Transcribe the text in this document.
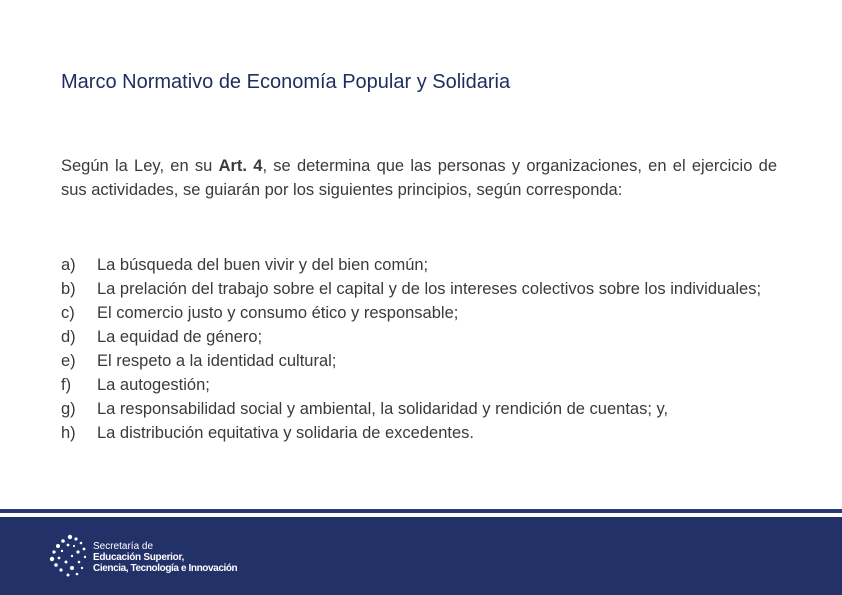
Marco Normativo de Economía Popular y Solidaria
Según la Ley, en su Art. 4, se determina que las personas y organizaciones, en el ejercicio de sus actividades, se guiarán por los siguientes principios, según corresponda:
a)	La búsqueda del buen vivir y del bien común;
b)	La prelación del trabajo sobre el capital y de los intereses colectivos sobre los individuales;
c)	El comercio justo y consumo ético y responsable;
d)	La equidad de género;
e)	El respeto a la identidad cultural;
f)	La autogestión;
g)	La responsabilidad social y ambiental, la solidaridad y rendición de cuentas; y,
h)	La distribución equitativa y solidaria de excedentes.
Secretaría de
Educación Superior,
Ciencia, Tecnología e Innovación
